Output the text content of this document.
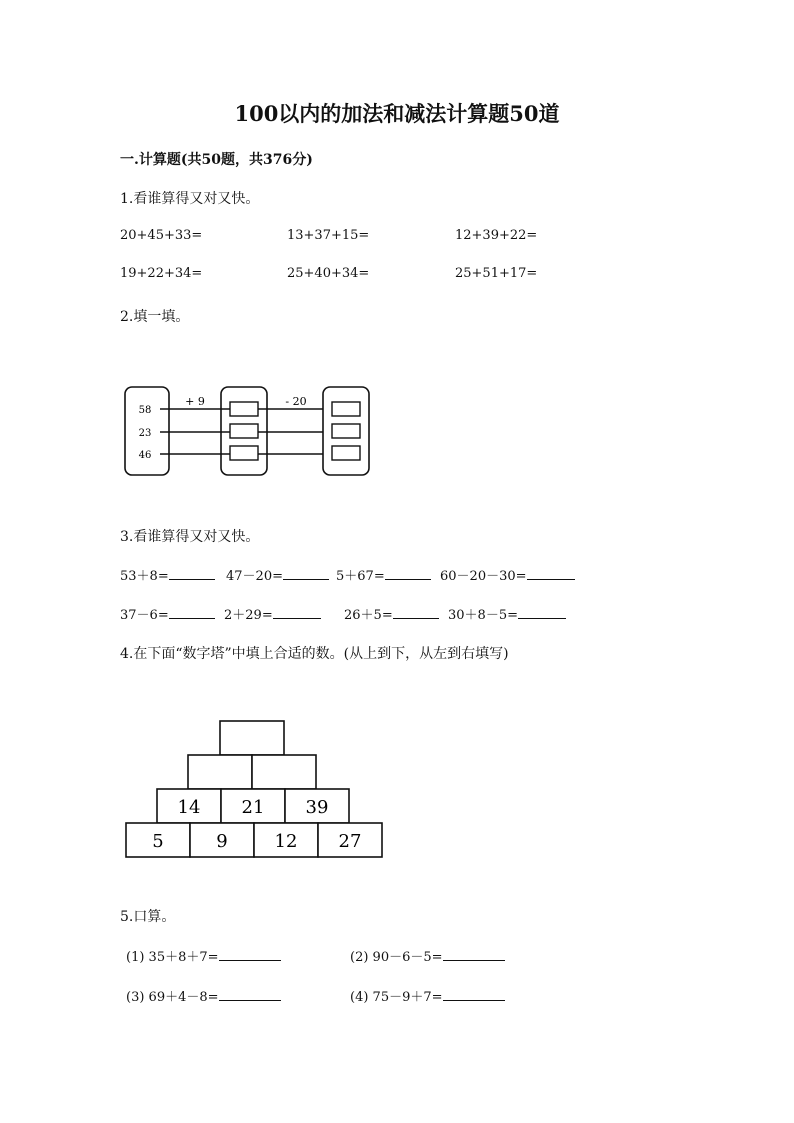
100以内的加法和减法计算题50道
一.计算题(共50题，共376分)
1.看谁算得又对又快。
20+45+33=	13+37+15=	12+39+22=
19+22+34=	25+40+34=	25+51+17=
2.填一填。
58
23
46
+ 9	- 20
3.看谁算得又对又快。
53＋8=	47－20=	5＋67=	60－20－30=
37－6=	2＋29=	26＋5=	30＋8－5=
4.在下面“数字塔”中填上合适的数。(从上到下，从左到右填写)
14 21 39
5	9	12 27
5.口算。
(1) 35＋8＋7=	(2) 90－6－5=
(3) 69＋4－8=	(4) 75－9＋7=
